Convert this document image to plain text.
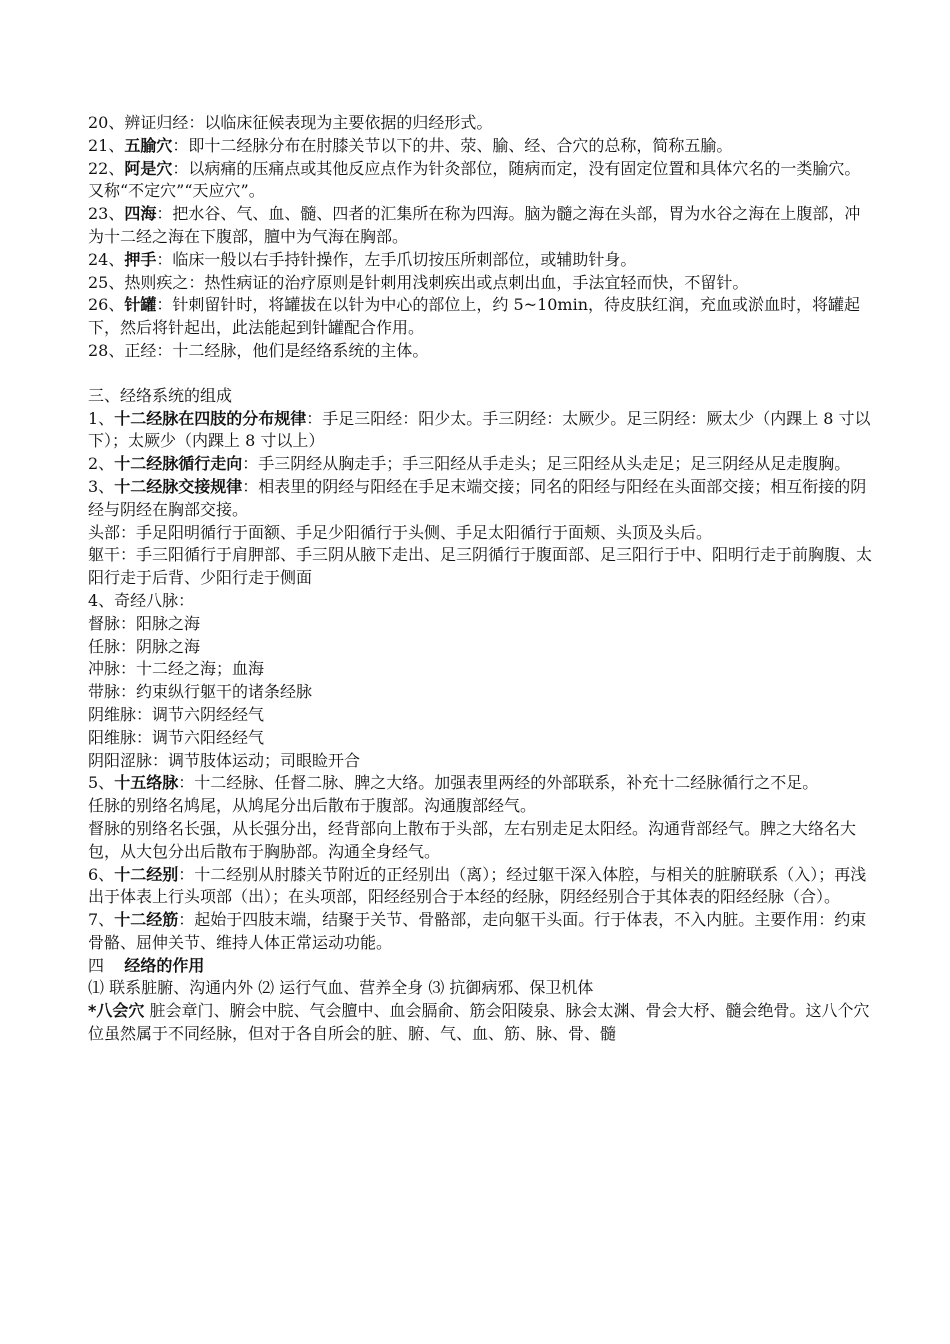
20、辨证归经：以临床征候表现为主要依据的归经形式。

21、五腧穴：即十二经脉分布在肘膝关节以下的井、荥、腧、经、合穴的总称，简称五腧。

22、阿是穴：以病痛的压痛点或其他反应点作为针灸部位，随病而定，没有固定位置和具体穴名的一类腧穴。又称“不定穴”“天应穴”。

23、四海：把水谷、气、血、髓、四者的汇集所在称为四海。脑为髓之海在头部，胃为水谷之海在上腹部，冲为十二经之海在下腹部，膻中为气海在胸部。

24、押手：临床一般以右手持针操作，左手爪切按压所刺部位，或辅助针身。

25、热则疾之：热性病证的治疗原则是针刺用浅刺疾出或点刺出血，手法宜轻而快，不留针。

26、针罐：针刺留针时，将罐拔在以针为中心的部位上，约 5~10min，待皮肤红润，充血或淤血时，将罐起下，然后将针起出，此法能起到针罐配合作用。

28、正经：十二经脉，他们是经络系统的主体。

三、经络系统的组成

1、十二经脉在四肢的分布规律：手足三阳经：阳少太。手三阴经：太厥少。足三阴经：厥太少（内踝上 8 寸以下）；太厥少（内踝上 8 寸以上）

2、十二经脉循行走向：手三阴经从胸走手；手三阳经从手走头；足三阳经从头走足；足三阴经从足走腹胸。

3、十二经脉交接规律：相表里的阴经与阳经在手足末端交接；同名的阳经与阳经在头面部交接；相互衔接的阴经与阴经在胸部交接。

头部：手足阳明循行于面额、手足少阳循行于头侧、手足太阳循行于面颊、头顶及头后。

躯干：手三阳循行于肩胛部、手三阴从腋下走出、足三阴循行于腹面部、足三阳行于中、阳明行走于前胸腹、太阳行走于后背、少阳行走于侧面

4、奇经八脉：

督脉：阳脉之海

任脉：阴脉之海

冲脉：十二经之海；血海

带脉：约束纵行躯干的诸条经脉

阴维脉：调节六阴经经气

阳维脉：调节六阳经经气

阴阳涩脉：调节肢体运动；司眼睑开合

5、十五络脉：十二经脉、任督二脉、脾之大络。加强表里两经的外部联系，补充十二经脉循行之不足。

任脉的别络名鸠尾，从鸠尾分出后散布于腹部。沟通腹部经气。

督脉的别络名长强，从长强分出，经背部向上散布于头部，左右别走足太阳经。沟通背部经气。脾之大络名大包，从大包分出后散布于胸胁部。沟通全身经气。

6、十二经别：十二经别从肘膝关节附近的正经别出（离）；经过躯干深入体腔，与相关的脏腑联系（入）；再浅出于体表上行头项部（出）；在头项部，阳经经别合于本经的经脉，阴经经别合于其体表的阳经经脉（合）。

7、十二经筋：起始于四肢末端，结聚于关节、骨骼部，走向躯干头面。行于体表，不入内脏。主要作用：约束骨骼、屈伸关节、维持人体正常运动功能。

四 经络的作用

⑴ 联系脏腑、沟通内外 ⑵ 运行气血、营养全身 ⑶ 抗御病邪、保卫机体

*八会穴 脏会章门、腑会中脘、气会膻中、血会膈俞、筋会阳陵泉、脉会太渊、骨会大杼、髓会绝骨。这八个穴位虽然属于不同经脉，但对于各自所会的脏、腑、气、血、筋、脉、骨、髓
